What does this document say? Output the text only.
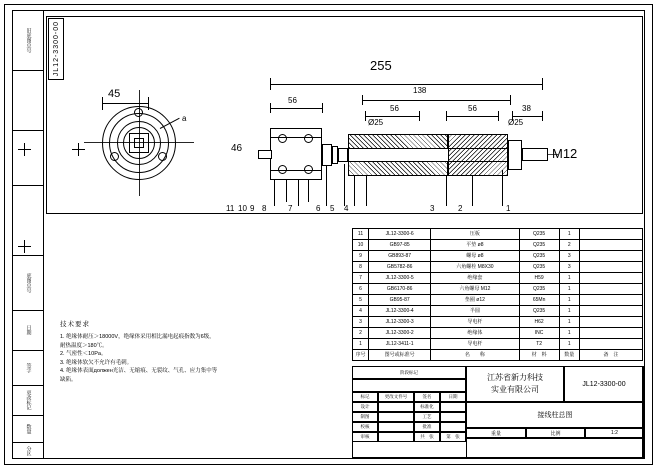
旧底图总号
底图总号
日期
签字
更改标记
数量
分区
JL12-3300-00
a
45
255
56
138
56	56	38
Ø25	Ø25
M12
46
11 10 9 8	7	6 5 4	3	2	1
技术要求
1. 绝缘体耐压＞18000V，绝缘体采用相比漏电起痕指数为6级，
耐热温度＞180℃。
2. 气密性＜10Pa。
3. 绝缘体软欠不允许有毛刺。
4. 绝缘体表面должен光洁、无缩痕、无裂纹、气孔、应力集中等
缺陷。
11	JL12-3300-6	压板	Q235	1	
10	GB97-85	平垫 ø8	Q235	2	
9	GB893-87	螺母 ø8	Q235	3	
8	GB5782-86	六角螺栓 M8X30	Q235	3	
7	JL12-3300-5	绝缘套	H59	1	
6	GB6170-86	六角螺母 M12	Q235	1	
5	GB95-87	垫圈 ø12	65Mn	1	
4	JL12-3300-4	半圆	Q235	1	
3	JL12-3300-3	导电杆	H62	1	
2	JL12-3300-2	绝缘体	INC	1	
1	JL12-3411-1	导电杆	T2	1	
序号	图号或标准号	名　　称	材　料	数量	备　注
标记	更改文件号	签名	日期
设计	标准化
制图	工艺
校核	批准
审核	共　张	第　张
阶段标记
江苏省新力科技
实业有限公司
JL12-3300-00
接线柱总图
重量	比例	1:2
